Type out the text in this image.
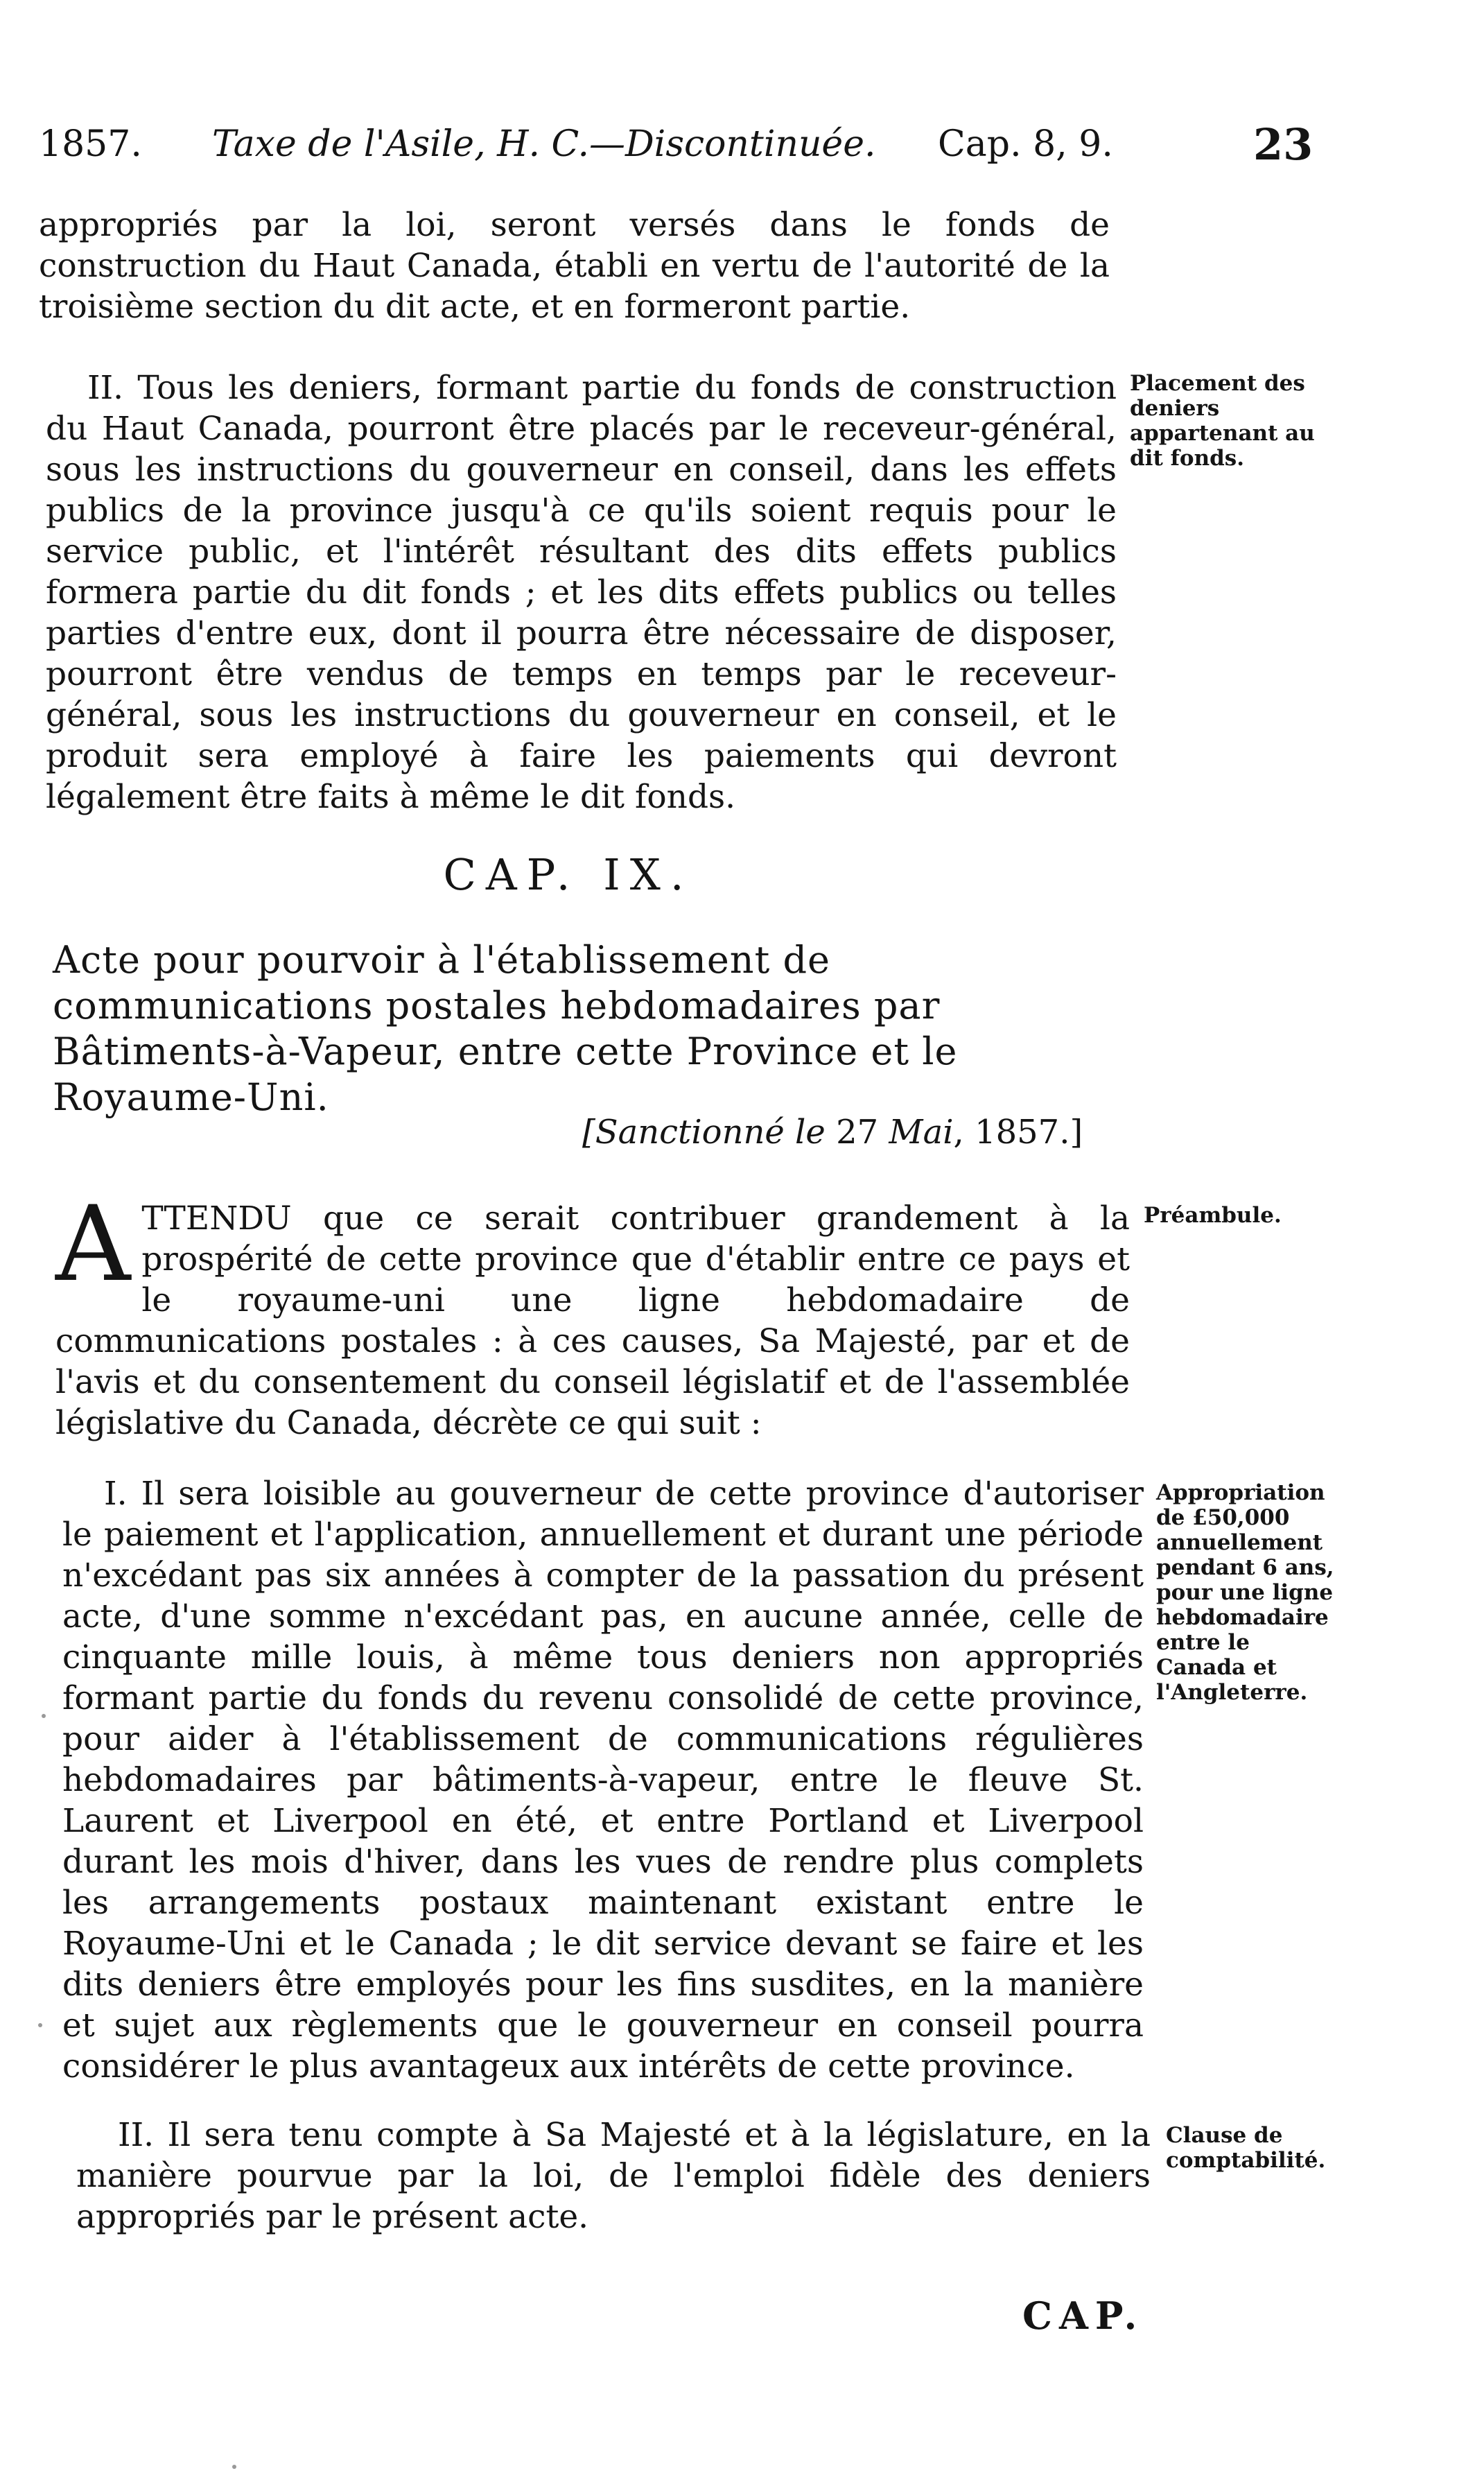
1857. Taxe de l'Asile, H. C.—Discontinuée. Cap. 8, 9.	23
appropriés par la loi, seront versés dans le fonds de construction du Haut Canada, établi en vertu de l'autorité de la troisième section du dit acte, et en formeront partie.
II. Tous les deniers, formant partie du fonds de construction du Haut Canada, pourront être placés par le receveur-général, sous les instructions du gouverneur en conseil, dans les effets publics de la province jusqu'à ce qu'ils soient requis pour le service public, et l'intérêt résultant des dits effets publics formera partie du dit fonds ; et les dits effets publics ou telles parties d'entre eux, dont il pourra être nécessaire de disposer, pourront être vendus de temps en temps par le receveur-général, sous les instructions du gouverneur en conseil, et le produit sera employé à faire les paiements qui devront légalement être faits à même le dit fonds.
Placement des deniers appartenant au dit fonds.
CAP. IX.
Acte pour pourvoir à l'établissement de communications postales hebdomadaires par Bâtiments-à-Vapeur, entre cette Province et le Royaume-Uni.
[Sanctionné le 27 Mai, 1857.]
A TTENDU que ce serait contribuer grandement à la prospérité de cette province que d'établir entre ce pays et le royaume-uni une ligne hebdomadaire de communications postales : à ces causes, Sa Majesté, par et de l'avis et du consentement du conseil législatif et de l'assemblée législative du Canada, décrète ce qui suit :
Préambule.
I. Il sera loisible au gouverneur de cette province d'autoriser le paiement et l'application, annuellement et durant une période n'excédant pas six années à compter de la passation du présent acte, d'une somme n'excédant pas, en aucune année, celle de cinquante mille louis, à même tous deniers non appropriés formant partie du fonds du revenu consolidé de cette province, pour aider à l'établissement de communications régulières hebdomadaires par bâtiments-à-vapeur, entre le fleuve St. Laurent et Liverpool en été, et entre Portland et Liverpool durant les mois d'hiver, dans les vues de rendre plus complets les arrangements postaux maintenant existant entre le Royaume-Uni et le Canada ; le dit service devant se faire et les dits deniers être employés pour les fins susdites, en la manière et sujet aux règlements que le gouverneur en conseil pourra considérer le plus avantageux aux intérêts de cette province.
Appropriation de £50,000 annuellement pendant 6 ans, pour une ligne hebdomadaire entre le Canada et l'Angleterre.
II. Il sera tenu compte à Sa Majesté et à la législature, en la manière pourvue par la loi, de l'emploi fidèle des deniers appropriés par le présent acte.
Clause de comptabilité.
CAP.
